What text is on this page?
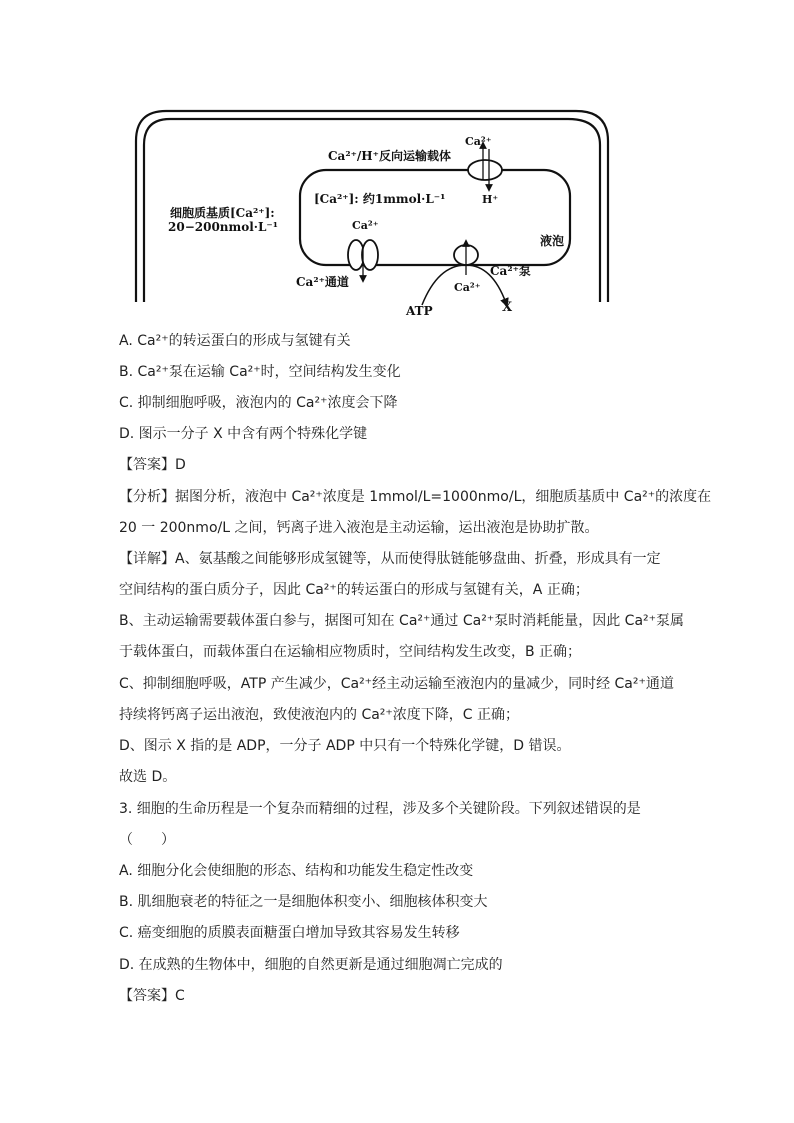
Ca²⁺/H⁺反向运输载体
Ca²⁺
H⁺
[Ca²⁺]: 约1mmol·L⁻¹
细胞质基质[Ca²⁺]:
20−200nmol·L⁻¹	Ca²⁺
Ca²⁺通道
液泡
Ca²⁺泵
Ca²⁺
ATP	X
A. Ca²⁺的转运蛋白的形成与氢键有关
B. Ca²⁺泵在运输 Ca²⁺时，空间结构发生变化
C. 抑制细胞呼吸，液泡内的 Ca²⁺浓度会下降
D. 图示一分子 X 中含有两个特殊化学键
【答案】D
【分析】据图分析，液泡中 Ca²⁺浓度是 1mmol/L=1000nmo/L，细胞质基质中 Ca²⁺的浓度在
20 一 200nmo/L 之间，钙离子进入液泡是主动运输，运出液泡是协助扩散。
【详解】A、氨基酸之间能够形成氢键等，从而使得肽链能够盘曲、折叠，形成具有一定
空间结构的蛋白质分子，因此 Ca²⁺的转运蛋白的形成与氢键有关，A 正确；
B、主动运输需要载体蛋白参与，据图可知在 Ca²⁺通过 Ca²⁺泵时消耗能量，因此 Ca²⁺泵属
于载体蛋白，而载体蛋白在运输相应物质时，空间结构发生改变，B 正确；
C、抑制细胞呼吸，ATP 产生减少，Ca²⁺经主动运输至液泡内的量减少，同时经 Ca²⁺通道
持续将钙离子运出液泡，致使液泡内的 Ca²⁺浓度下降，C 正确；
D、图示 X 指的是 ADP，一分子 ADP 中只有一个特殊化学键，D 错误。
故选 D。
3. 细胞的生命历程是一个复杂而精细的过程，涉及多个关键阶段。下列叙述错误的是
（　　）
A. 细胞分化会使细胞的形态、结构和功能发生稳定性改变
B. 肌细胞衰老的特征之一是细胞体积变小、细胞核体积变大
C. 癌变细胞的质膜表面糖蛋白增加导致其容易发生转移
D. 在成熟的生物体中，细胞的自然更新是通过细胞凋亡完成的
【答案】C
